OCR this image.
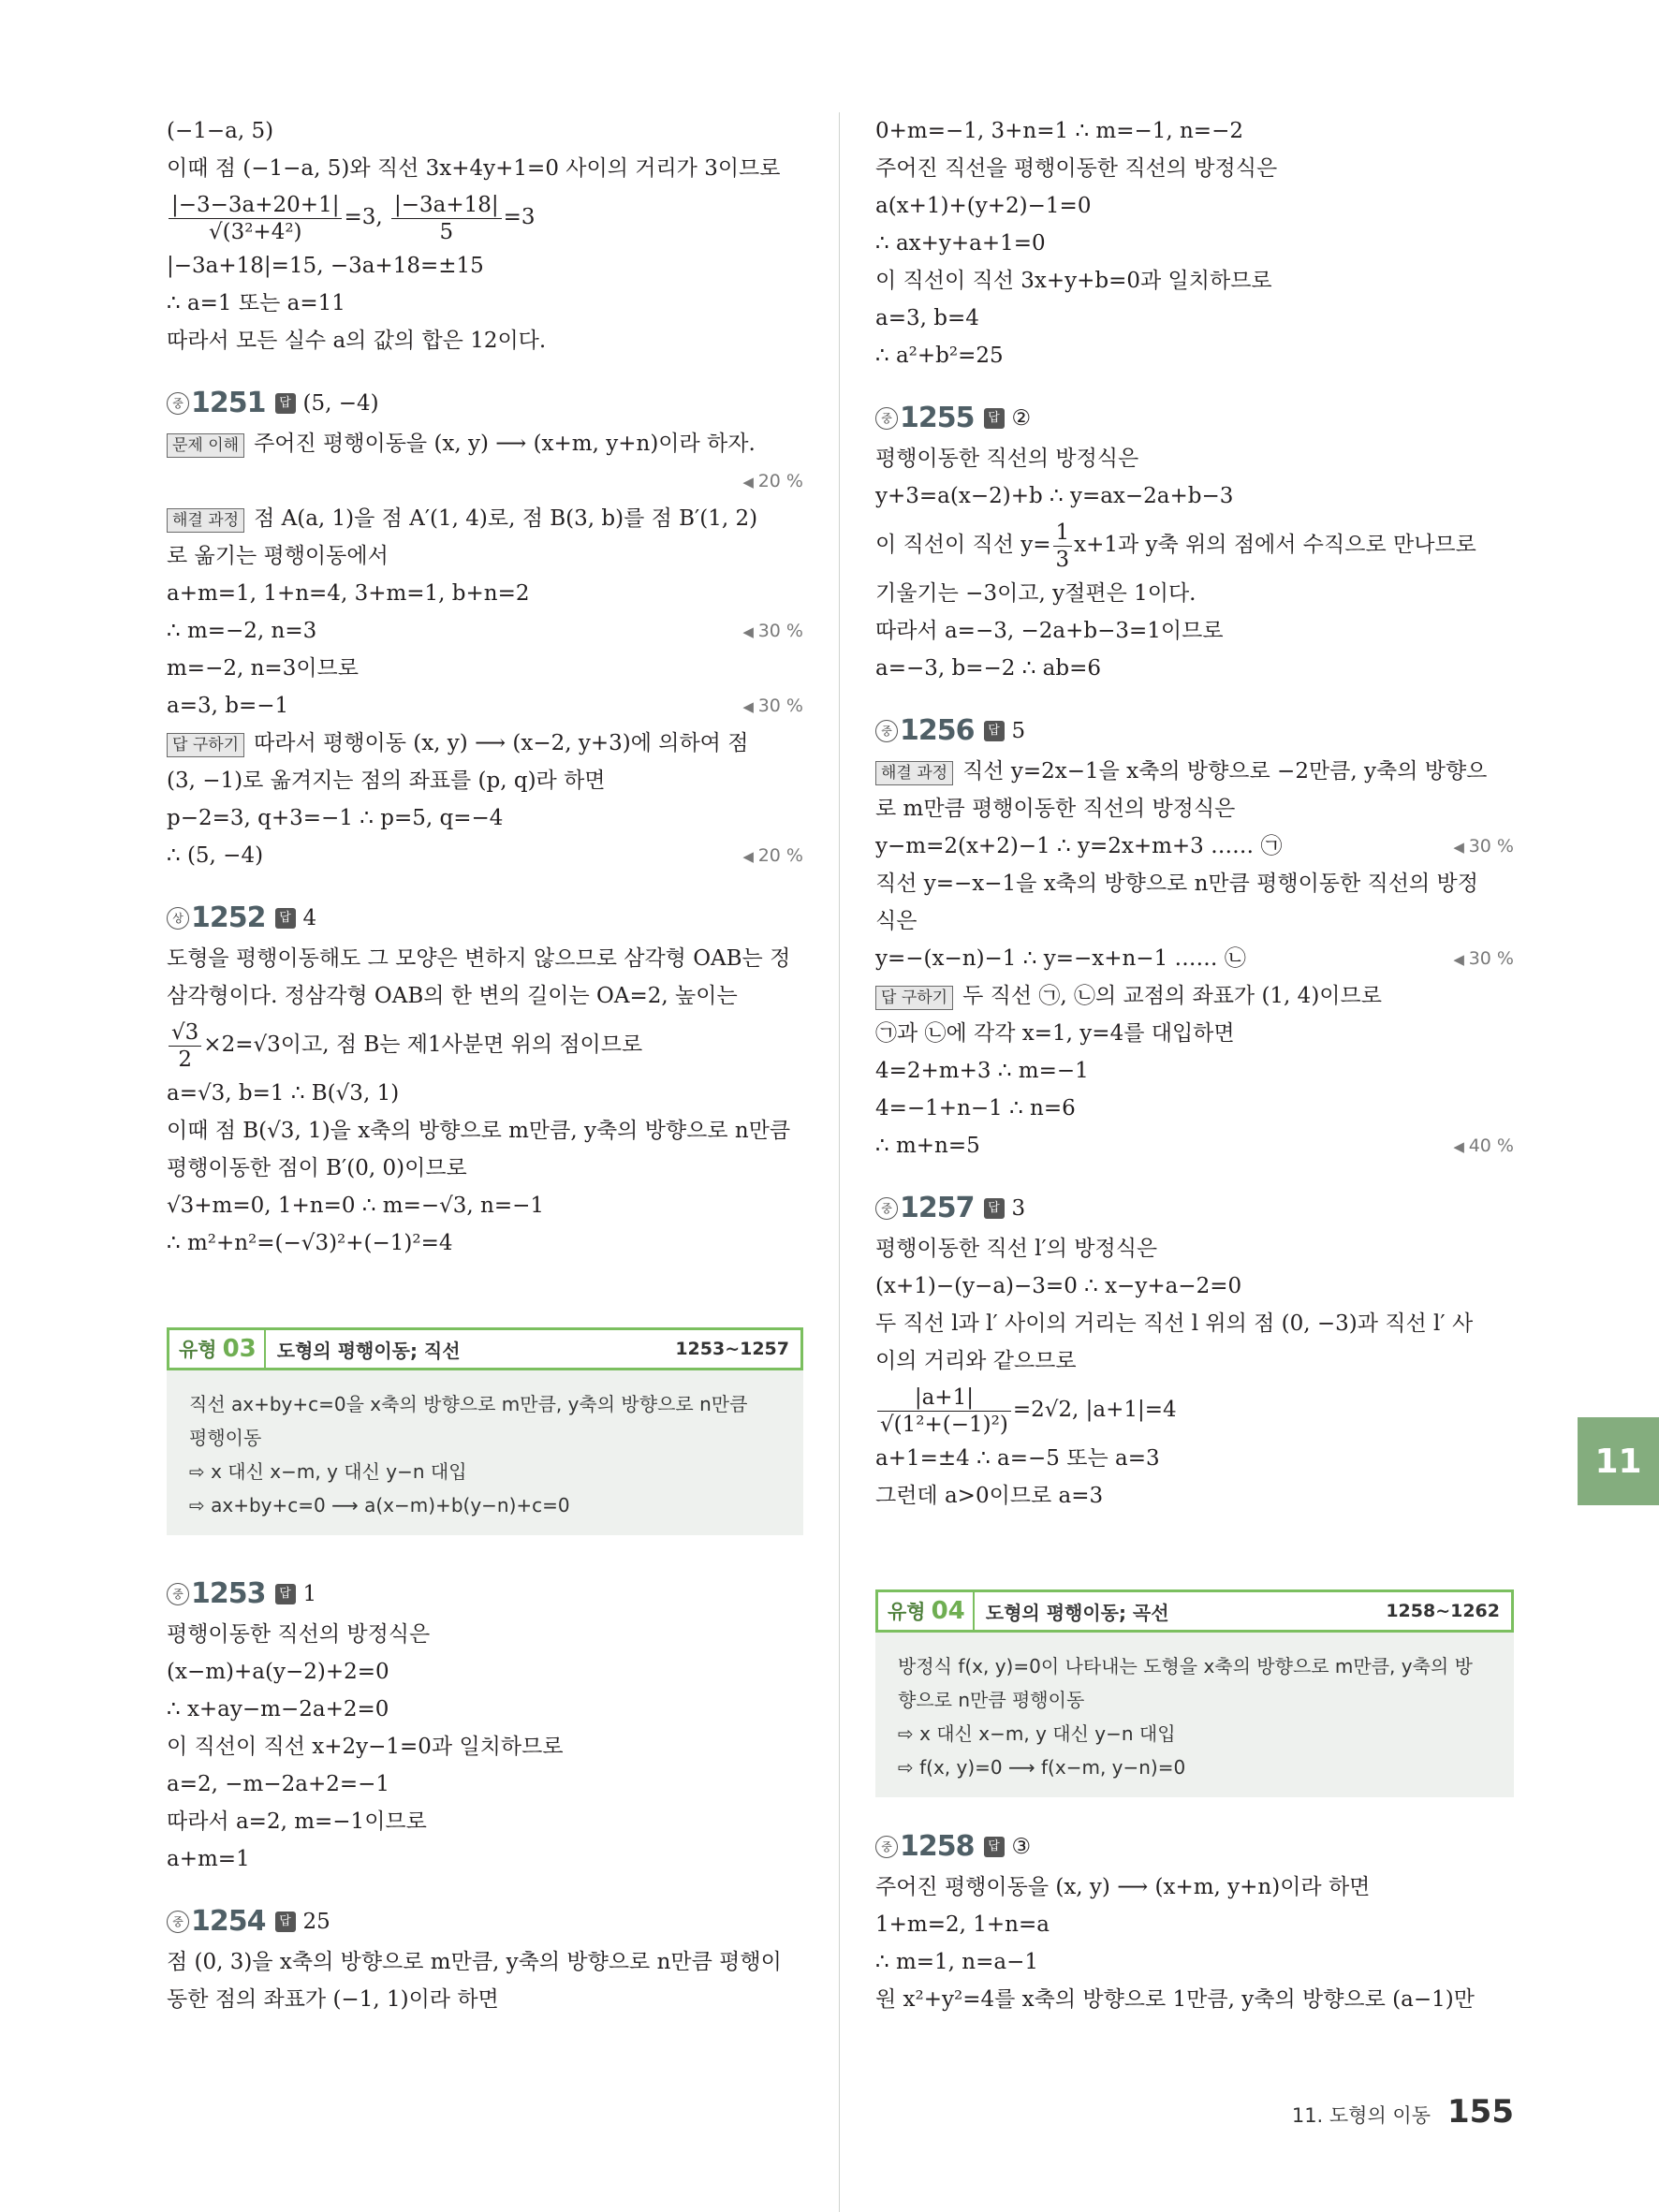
(−1−a, 5)
이때 점 (−1−a, 5)와 직선 3x+4y+1=0 사이의 거리가 3이므로
$\frac{|-3-3a+20+1|}{\text{√(3²+4²)}} =3$, $\frac{|-3a+18|}{5} =3$
|−3a+18|=15, −3a+18=±15
∴ a=1 또는 a=11
따라서 모든 실수 a의 값의 합은 12이다.
중 1251	답 (5, −4)
문제 이해 주어진 평행이동을 (x, y) ⟶ (x+m, y+n)이라 하자.
◀ 20 %
해결 과정 점 A(a, 1)을 점 A′(1, 4)로, 점 B(3, b)를 점 B′(1, 2)
로 옮기는 평행이동에서
a+m=1, 1+n=4, 3+m=1, b+n=2
∴ m=−2, n=3	◀ 30 %
m=−2, n=3이므로
a=3, b=−1	◀ 30 %
답 구하기 따라서 평행이동 (x, y) ⟶ (x−2, y+3)에 의하여 점
(3, −1)로 옮겨지는 점의 좌표를 (p, q)라 하면
p−2=3, q+3=−1 ∴ p=5, q=−4
∴ (5, −4)	◀ 20 %
상 1252	답 4
도형을 평행이동해도 그 모양은 변하지 않으므로 삼각형 OAB는 정
삼각형이다. 정삼각형 OAB의 한 변의 길이는 OA=2, 높이는
$\frac{√3}{2} \times 2=√3$이고, 점 B는 제1사분면 위의 점이므로
a=√3, b=1 ∴ B(√3, 1)
이때 점 B(√3, 1)을 x축의 방향으로 m만큼, y축의 방향으로 n만큼
평행이동한 점이 B′(0, 0)이므로
√3+m=0, 1+n=0 ∴ m=−√3, n=−1
∴ m²+n²=(−√3)²+(−1)²=4
유형 03	도형의 평행이동; 직선	1253~1257
직선 ax+by+c=0을 x축의 방향으로 m만큼, y축의 방향으로 n만큼
평행이동
⇨ x 대신 x−m, y 대신 y−n 대입
⇨ ax+by+c=0 ⟶ a(x−m)+b(y−n)+c=0
중 1253	답 1
평행이동한 직선의 방정식은
(x−m)+a(y−2)+2=0
∴ x+ay−m−2a+2=0
이 직선이 직선 x+2y−1=0과 일치하므로
a=2, −m−2a+2=−1
따라서 a=2, m=−1이므로
a+m=1
중 1254	답 25
점 (0, 3)을 x축의 방향으로 m만큼, y축의 방향으로 n만큼 평행이
동한 점의 좌표가 (−1, 1)이라 하면
0+m=−1, 3+n=1 ∴ m=−1, n=−2
주어진 직선을 평행이동한 직선의 방정식은
a(x+1)+(y+2)−1=0
∴ ax+y+a+1=0
이 직선이 직선 3x+y+b=0과 일치하므로
a=3, b=4
∴ a²+b²=25
중 1255	답 ②
평행이동한 직선의 방정식은
y+3=a(x−2)+b ∴ y=ax−2a+b−3
이 직선이 직선 $y= \frac{1}{3} x+1$과 y축 위의 점에서 수직으로 만나므로
기울기는 −3이고, y절편은 1이다.
따라서 a=−3, −2a+b−3=1이므로
a=−3, b=−2 ∴ ab=6
중 1256	답 5
해결 과정 직선 y=2x−1을 x축의 방향으로 −2만큼, y축의 방향으
로 m만큼 평행이동한 직선의 방정식은
y−m=2(x+2)−1 ∴ y=2x+m+3 …… ㉠	◀ 30 %
직선 y=−x−1을 x축의 방향으로 n만큼 평행이동한 직선의 방정
식은
y=−(x−n)−1 ∴ y=−x+n−1 …… ㉡	◀ 30 %
답 구하기 두 직선 ㉠, ㉡의 교점의 좌표가 (1, 4)이므로
㉠과 ㉡에 각각 x=1, y=4를 대입하면
4=2+m+3 ∴ m=−1
4=−1+n−1 ∴ n=6
∴ m+n=5	◀ 40 %
중 1257	답 3
평행이동한 직선 l′의 방정식은
(x+1)−(y−a)−3=0 ∴ x−y+a−2=0
두 직선 l과 l′ 사이의 거리는 직선 l 위의 점 (0, −3)과 직선 l′ 사
이의 거리와 같으므로
$\frac{|a+1|}{\text{√(1²+(−1)²)}} =2√2$, |a+1|=4
a+1=±4 ∴ a=−5 또는 a=3
그런데 a>0이므로 a=3
유형 04	도형의 평행이동; 곡선	1258~1262
방정식 f(x, y)=0이 나타내는 도형을 x축의 방향으로 m만큼, y축의 방
향으로 n만큼 평행이동
⇨ x 대신 x−m, y 대신 y−n 대입
⇨ f(x, y)=0 ⟶ f(x−m, y−n)=0
중 1258	답 ③
주어진 평행이동을 (x, y) ⟶ (x+m, y+n)이라 하면
1+m=2, 1+n=a
∴ m=1, n=a−1
원 x²+y²=4를 x축의 방향으로 1만큼, y축의 방향으로 (a−1)만
11
11. 도형의 이동 155
